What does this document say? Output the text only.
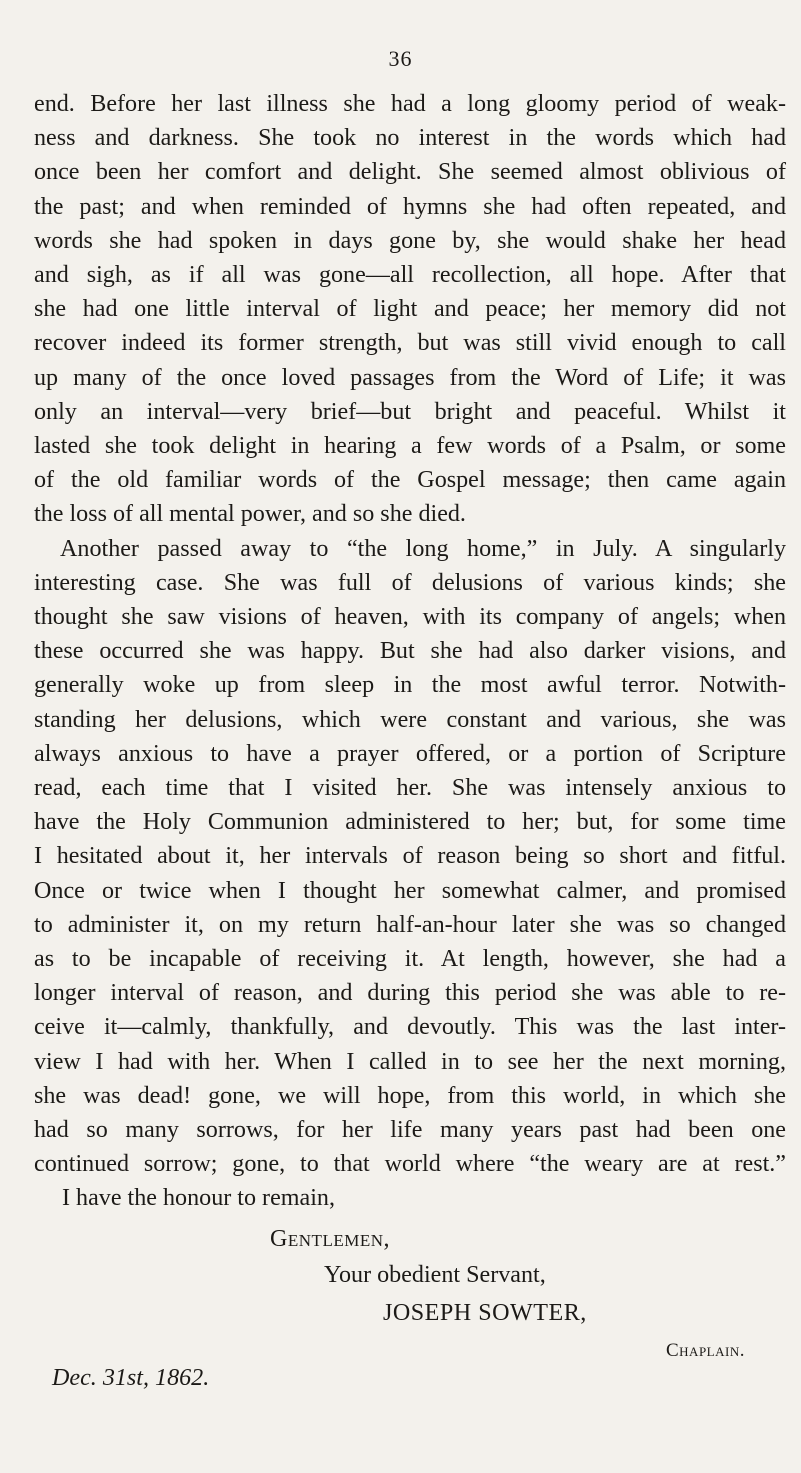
36
end. Before her last illness she had a long gloomy period of weak-
ness and darkness. She took no interest in the words which had
once been her comfort and delight. She seemed almost oblivious of
the past; and when reminded of hymns she had often repeated, and
words she had spoken in days gone by, she would shake her head
and sigh, as if all was gone—all recollection, all hope. After that
she had one little interval of light and peace; her memory did not
recover indeed its former strength, but was still vivid enough to call
up many of the once loved passages from the Word of Life; it was
only an interval—very brief—but bright and peaceful. Whilst it
lasted she took delight in hearing a few words of a Psalm, or some
of the old familiar words of the Gospel message; then came again
the loss of all mental power, and so she died.
Another passed away to “the long home,” in July. A singularly
interesting case. She was full of delusions of various kinds; she
thought she saw visions of heaven, with its company of angels; when
these occurred she was happy. But she had also darker visions, and
generally woke up from sleep in the most awful terror. Notwith-
standing her delusions, which were constant and various, she was
always anxious to have a prayer offered, or a portion of Scripture
read, each time that I visited her. She was intensely anxious to
have the Holy Communion administered to her; but, for some time
I hesitated about it, her intervals of reason being so short and fitful.
Once or twice when I thought her somewhat calmer, and promised
to administer it, on my return half-an-hour later she was so changed
as to be incapable of receiving it. At length, however, she had a
longer interval of reason, and during this period she was able to re-
ceive it—calmly, thankfully, and devoutly. This was the last inter-
view I had with her. When I called in to see her the next morning,
she was dead! gone, we will hope, from this world, in which she
had so many sorrows, for her life many years past had been one
continued sorrow; gone, to that world where “the weary are at rest.”
I have the honour to remain,
Gentlemen,
Your obedient Servant,
JOSEPH SOWTER,
Chaplain.
Dec. 31st, 1862.
